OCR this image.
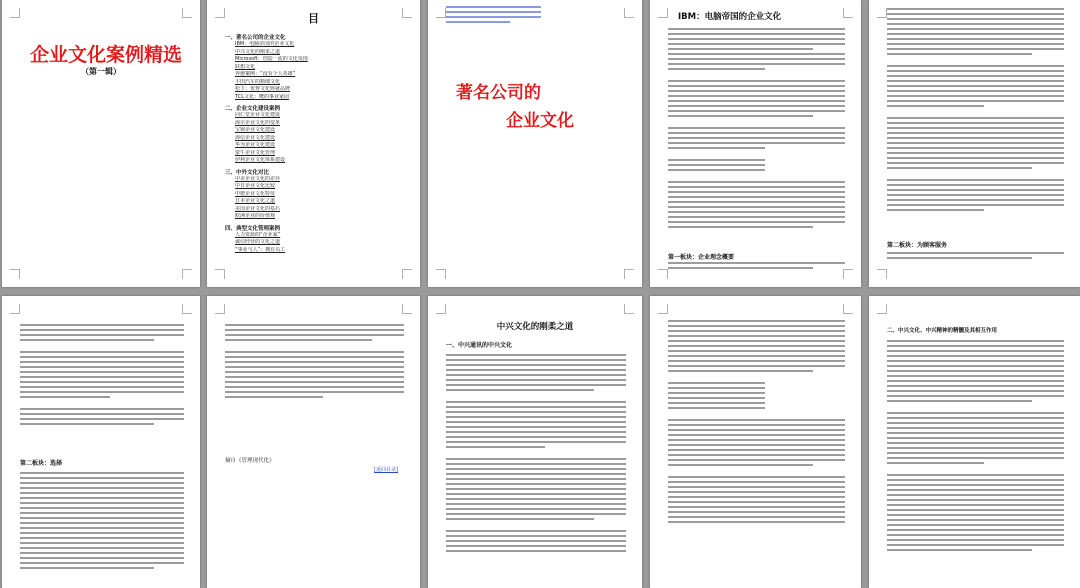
企业文化案例精选
（第一辑）
目
一、著名公司的企业文化
IBM：电脑帝国的企业文化
中兴文化的刚柔之道
Microsoft：创造一流的文化氛围
联想文化
奔驰案例：“没有个人英雄”
丰田汽车的精细文化
松下：优秀文化铸就品牌
TCL文化：鹰的事业家园
二、企业文化建设案例
同仁堂企业文化建设
海尔企业文化的变革
宝钢企业文化建设
海信企业文化建设
华为企业文化建设
蒙牛企业文化管理
伊利企业文化体系建设
三、中外文化对比
中美企业文化的差异
中日企业文化比较
中德企业文化特征
日本企业文化之道
美国企业文化的基石
欧洲企业的价值观
四、典型文化管理案例
人力资源的“企业家”
诚信经营的文化之道
“事业与人”：拥有员工
著名公司的
企业文化
IBM：电脑帝国的企业文化
第一板块：企业理念概要
第二板块：为顾客服务
第二板块：选择	摘自《管理现代化》
[返回目录]
中兴文化的刚柔之道
一、中兴通讯的中兴文化
二、中兴文化、中兴精神的精髓及其相互作用
